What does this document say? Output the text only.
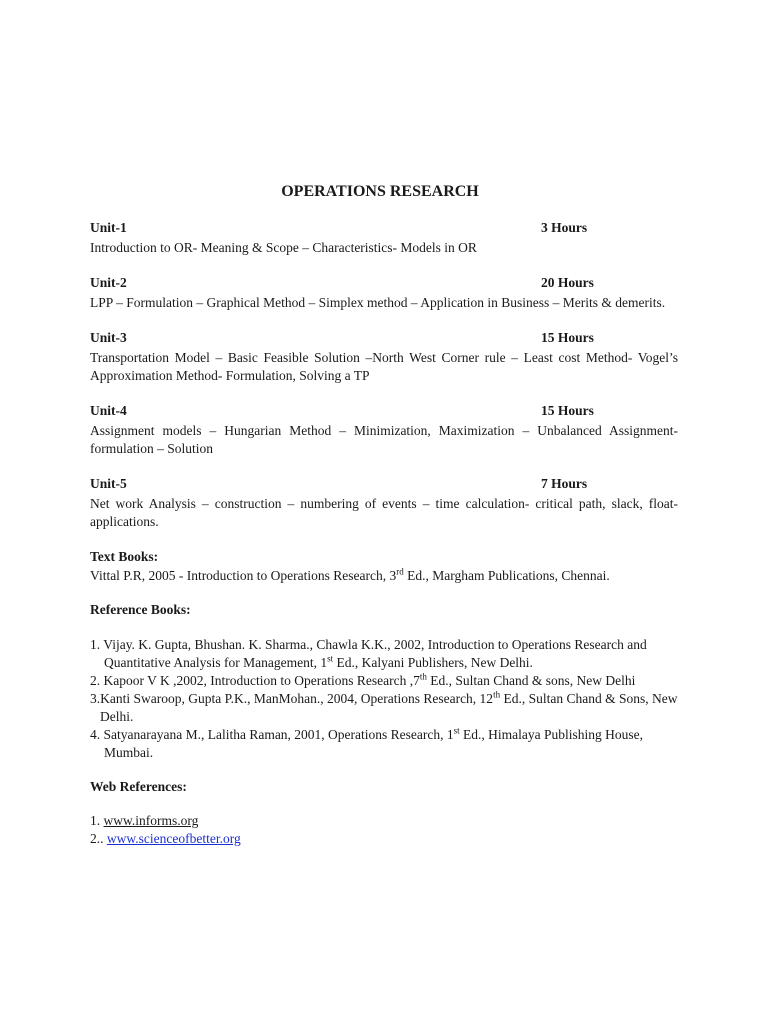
OPERATIONS RESEARCH
Unit-1	3 Hours
Introduction to OR- Meaning & Scope – Characteristics- Models in OR
Unit-2	20 Hours
LPP – Formulation – Graphical Method – Simplex method – Application in Business – Merits & demerits.
Unit-3	15 Hours
Transportation Model – Basic Feasible Solution –North West Corner rule – Least cost Method- Vogel’s Approximation Method- Formulation, Solving a TP
Unit-4	15 Hours
Assignment models – Hungarian Method – Minimization, Maximization – Unbalanced Assignment- formulation – Solution
Unit-5	7 Hours
Net work Analysis – construction – numbering of events – time calculation- critical path, slack, float- applications.
Text Books:
Vittal P.R, 2005 - Introduction to Operations Research, 3rd Ed., Margham Publications, Chennai.
Reference Books:
1. Vijay. K. Gupta, Bhushan. K. Sharma., Chawla K.K., 2002, Introduction to Operations Research and Quantitative Analysis for Management, 1st Ed., Kalyani Publishers, New Delhi.
2. Kapoor V K ,2002, Introduction to Operations Research ,7th Ed., Sultan Chand & sons, New Delhi
3.Kanti Swaroop, Gupta P.K., ManMohan., 2004, Operations Research, 12th Ed., Sultan Chand & Sons, New Delhi.
4. Satyanarayana M., Lalitha Raman, 2001, Operations Research, 1st Ed., Himalaya Publishing House, Mumbai.
Web References:
1. www.informs.org
2.. www.scienceofbetter.org
